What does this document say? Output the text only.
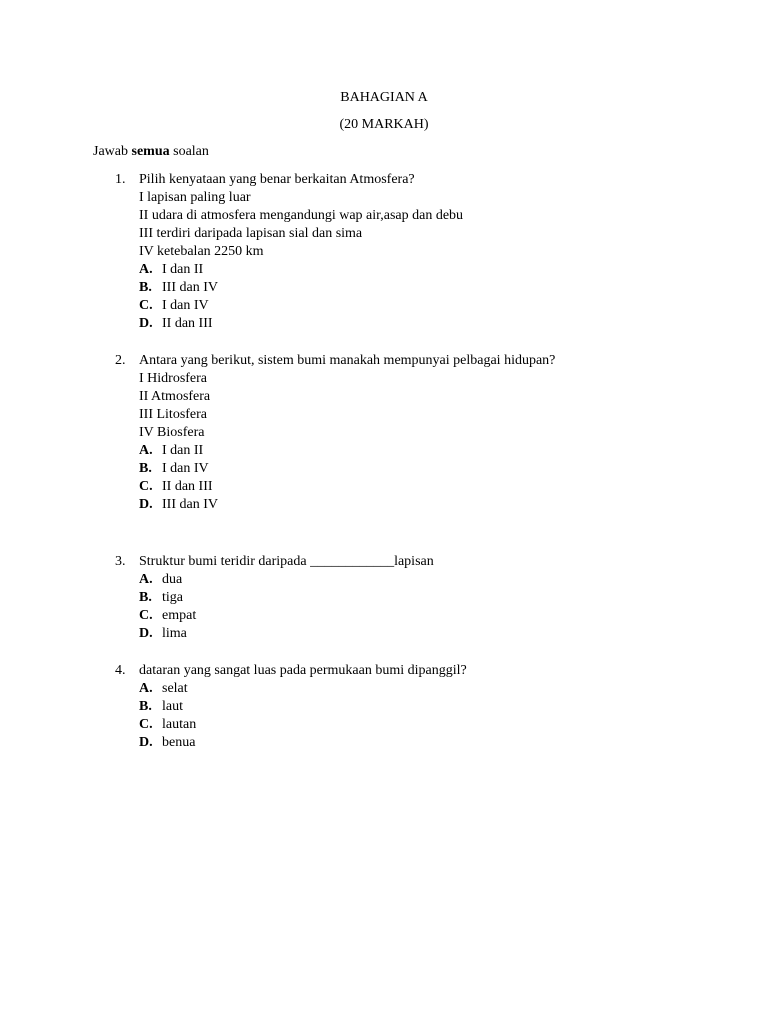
BAHAGIAN A
(20 MARKAH)
Jawab semua soalan
1. Pilih kenyataan yang benar berkaitan Atmosfera?
I lapisan paling luar
II udara di atmosfera mengandungi wap air,asap dan debu
III terdiri daripada lapisan sial dan sima
IV ketebalan 2250 km
A. I dan II
B. III dan IV
C. I dan IV
D. II dan III
2. Antara yang berikut, sistem bumi manakah mempunyai pelbagai hidupan?
I Hidrosfera
II Atmosfera
III Litosfera
IV Biosfera
A. I dan II
B. I dan IV
C. II dan III
D. III dan IV
3. Struktur bumi teridir daripada ____________lapisan
A. dua
B. tiga
C. empat
D. lima
4. dataran yang sangat luas pada permukaan bumi dipanggil?
A. selat
B. laut
C. lautan
D. benua
